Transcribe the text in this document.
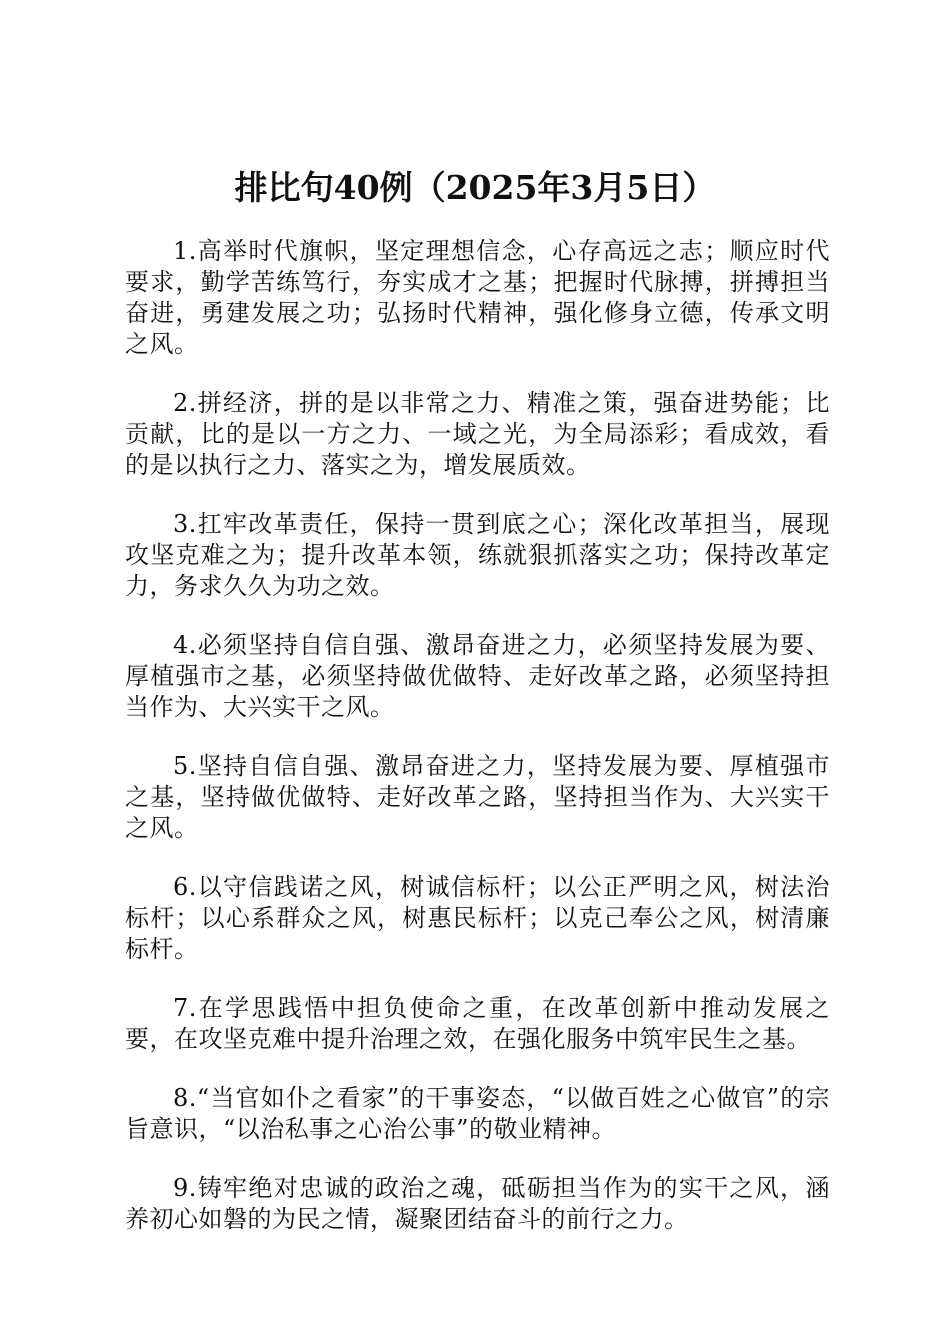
排比句40例（2025年3月5日）

1.高举时代旗帜，坚定理想信念，心存高远之志；顺应时代要求，勤学苦练笃行，夯实成才之基；把握时代脉搏，拼搏担当奋进，勇建发展之功；弘扬时代精神，强化修身立德，传承文明之风。

2.拼经济，拼的是以非常之力、精准之策，强奋进势能；比贡献，比的是以一方之力、一域之光，为全局添彩；看成效，看的是以执行之力、落实之为，增发展质效。

3.扛牢改革责任，保持一贯到底之心；深化改革担当，展现攻坚克难之为；提升改革本领，练就狠抓落实之功；保持改革定力，务求久久为功之效。

4.必须坚持自信自强、激昂奋进之力，必须坚持发展为要、厚植强市之基，必须坚持做优做特、走好改革之路，必须坚持担当作为、大兴实干之风。

5.坚持自信自强、激昂奋进之力，坚持发展为要、厚植强市之基，坚持做优做特、走好改革之路，坚持担当作为、大兴实干之风。

6.以守信践诺之风，树诚信标杆；以公正严明之风，树法治标杆；以心系群众之风，树惠民标杆；以克己奉公之风，树清廉标杆。

7.在学思践悟中担负使命之重，在改革创新中推动发展之要，在攻坚克难中提升治理之效，在强化服务中筑牢民生之基。

8.“当官如仆之看家”的干事姿态，“以做百姓之心做官”的宗旨意识，“以治私事之心治公事”的敬业精神。

9.铸牢绝对忠诚的政治之魂，砥砺担当作为的实干之风，涵养初心如磐的为民之情，凝聚团结奋斗的前行之力。
